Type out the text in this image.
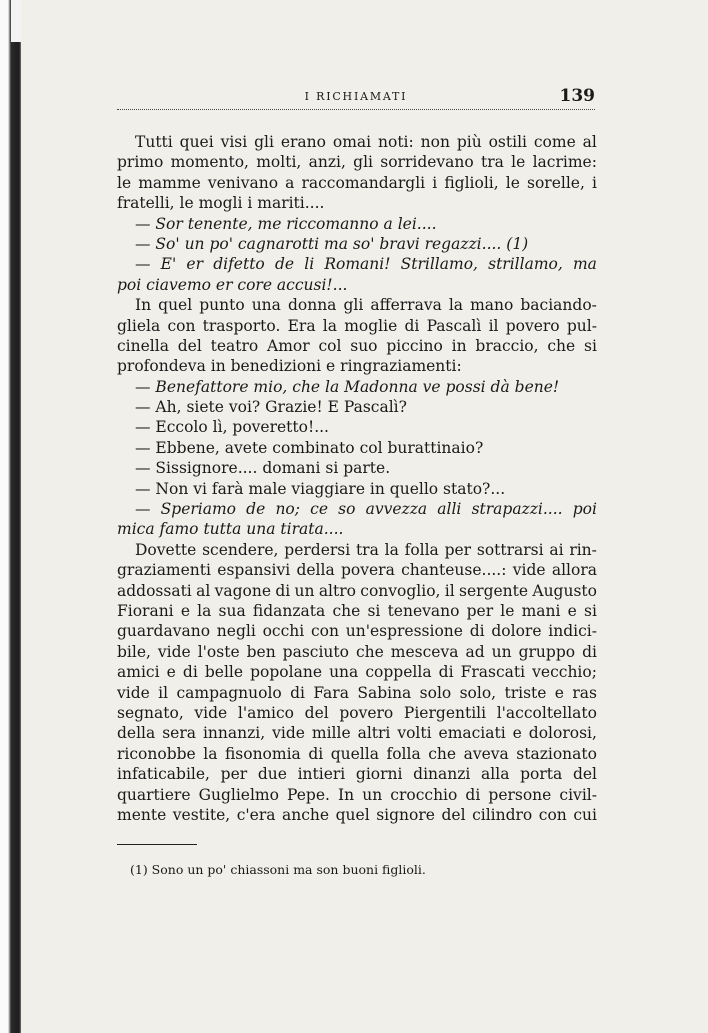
I RICHIAMATI	139
Tutti quei visi gli erano omai noti: non più ostili come al
primo momento, molti, anzi, gli sorridevano tra le lacrime:
le mamme venivano a raccomandargli i figlioli, le sorelle, i
fratelli, le mogli i mariti....
— Sor tenente, me riccomanno a lei....
— So' un po' cagnarotti ma so' bravi regazzi.... (1)
— E' er difetto de li Romani! Strillamo, strillamo, ma
poi ciavemo er core accusi!...
In quel punto una donna gli afferrava la mano baciando-
gliela con trasporto. Era la moglie di Pascalì il povero pul-
cinella del teatro Amor col suo piccino in braccio, che si
profondeva in benedizioni e ringraziamenti:
— Benefattore mio, che la Madonna ve possi dà bene!
— Ah, siete voi? Grazie! E Pascalì?
— Eccolo lì, poveretto!...
— Ebbene, avete combinato col burattinaio?
— Sissignore.... domani si parte.
— Non vi farà male viaggiare in quello stato?...
— Speriamo de no; ce so avvezza alli strapazzi.... poi
mica famo tutta una tirata....
Dovette scendere, perdersi tra la folla per sottrarsi ai rin-
graziamenti espansivi della povera chanteuse....: vide allora
addossati al vagone di un altro convoglio, il sergente Augusto
Fiorani e la sua fidanzata che si tenevano per le mani e si
guardavano negli occhi con un'espressione di dolore indici-
bile, vide l'oste ben pasciuto che mesceva ad un gruppo di
amici e di belle popolane una coppella di Frascati vecchio;
vide il campagnuolo di Fara Sabina solo solo, triste e ras
segnato, vide l'amico del povero Piergentili l'accoltellato
della sera innanzi, vide mille altri volti emaciati e dolorosi,
riconobbe la fisonomia di quella folla che aveva stazionato
infaticabile, per due intieri giorni dinanzi alla porta del
quartiere Guglielmo Pepe. In un crocchio di persone civil-
mente vestite, c'era anche quel signore del cilindro con cui
(1) Sono un po' chiassoni ma son buoni figlioli.
